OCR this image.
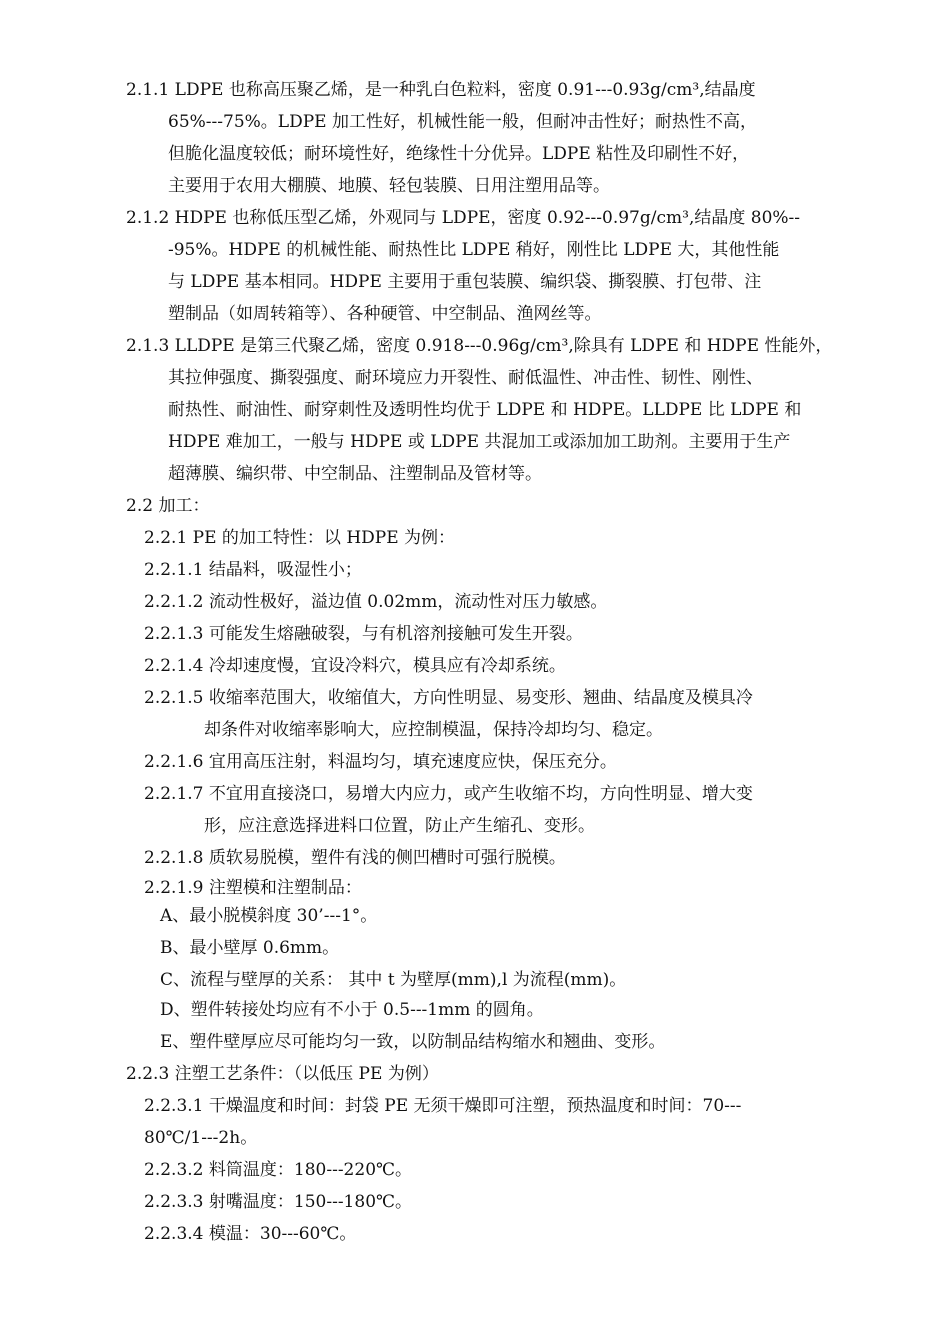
2.1.1 LDPE 也称高压聚乙烯，是一种乳白色粒料，密度 0.91---0.93g/cm³,结晶度
65%---75%。LDPE 加工性好，机械性能一般，但耐冲击性好；耐热性不高，
但脆化温度较低；耐环境性好，绝缘性十分优异。LDPE 粘性及印刷性不好，
主要用于农用大棚膜、地膜、轻包装膜、日用注塑用品等。
2.1.2 HDPE 也称低压型乙烯，外观同与 LDPE，密度 0.92---0.97g/cm³,结晶度 80%--
-95%。HDPE 的机械性能、耐热性比 LDPE 稍好，刚性比 LDPE 大，其他性能
与 LDPE 基本相同。HDPE 主要用于重包装膜、编织袋、撕裂膜、打包带、注
塑制品（如周转箱等）、各种硬管、中空制品、渔网丝等。
2.1.3 LLDPE 是第三代聚乙烯，密度 0.918---0.96g/cm³,除具有 LDPE 和 HDPE 性能外，
其拉伸强度、撕裂强度、耐环境应力开裂性、耐低温性、冲击性、韧性、刚性、
耐热性、耐油性、耐穿刺性及透明性均优于 LDPE 和 HDPE。LLDPE 比 LDPE 和
HDPE 难加工，一般与 HDPE 或 LDPE 共混加工或添加加工助剂。主要用于生产
超薄膜、编织带、中空制品、注塑制品及管材等。
2.2 加工：
2.2.1 PE 的加工特性：以 HDPE 为例：
2.2.1.1 结晶料，吸湿性小；
2.2.1.2 流动性极好，溢边值 0.02mm，流动性对压力敏感。
2.2.1.3 可能发生熔融破裂，与有机溶剂接触可发生开裂。
2.2.1.4 冷却速度慢，宜设冷料穴，模具应有冷却系统。
2.2.1.5 收缩率范围大，收缩值大，方向性明显、易变形、翘曲、结晶度及模具冷
却条件对收缩率影响大，应控制模温，保持冷却均匀、稳定。
2.2.1.6 宜用高压注射，料温均匀，填充速度应快，保压充分。
2.2.1.7 不宜用直接浇口，易增大内应力，或产生收缩不均，方向性明显、增大变
形，应注意选择进料口位置，防止产生缩孔、变形。
2.2.1.8 质软易脱模，塑件有浅的侧凹槽时可强行脱模。
2.2.1.9 注塑模和注塑制品：
A、最小脱模斜度 30’---1°。
B、最小壁厚 0.6mm。
C、流程与壁厚的关系： 其中 t 为壁厚(mm),l 为流程(mm)。
D、塑件转接处均应有不小于 0.5---1mm 的圆角。
E、塑件壁厚应尽可能均匀一致，以防制品结构缩水和翘曲、变形。
2.2.3 注塑工艺条件：（以低压 PE 为例）
2.2.3.1 干燥温度和时间：封袋 PE 无须干燥即可注塑，预热温度和时间：70---
80℃/1---2h。
2.2.3.2 料筒温度：180---220℃。
2.2.3.3 射嘴温度：150---180℃。
2.2.3.4 模温：30---60℃。
